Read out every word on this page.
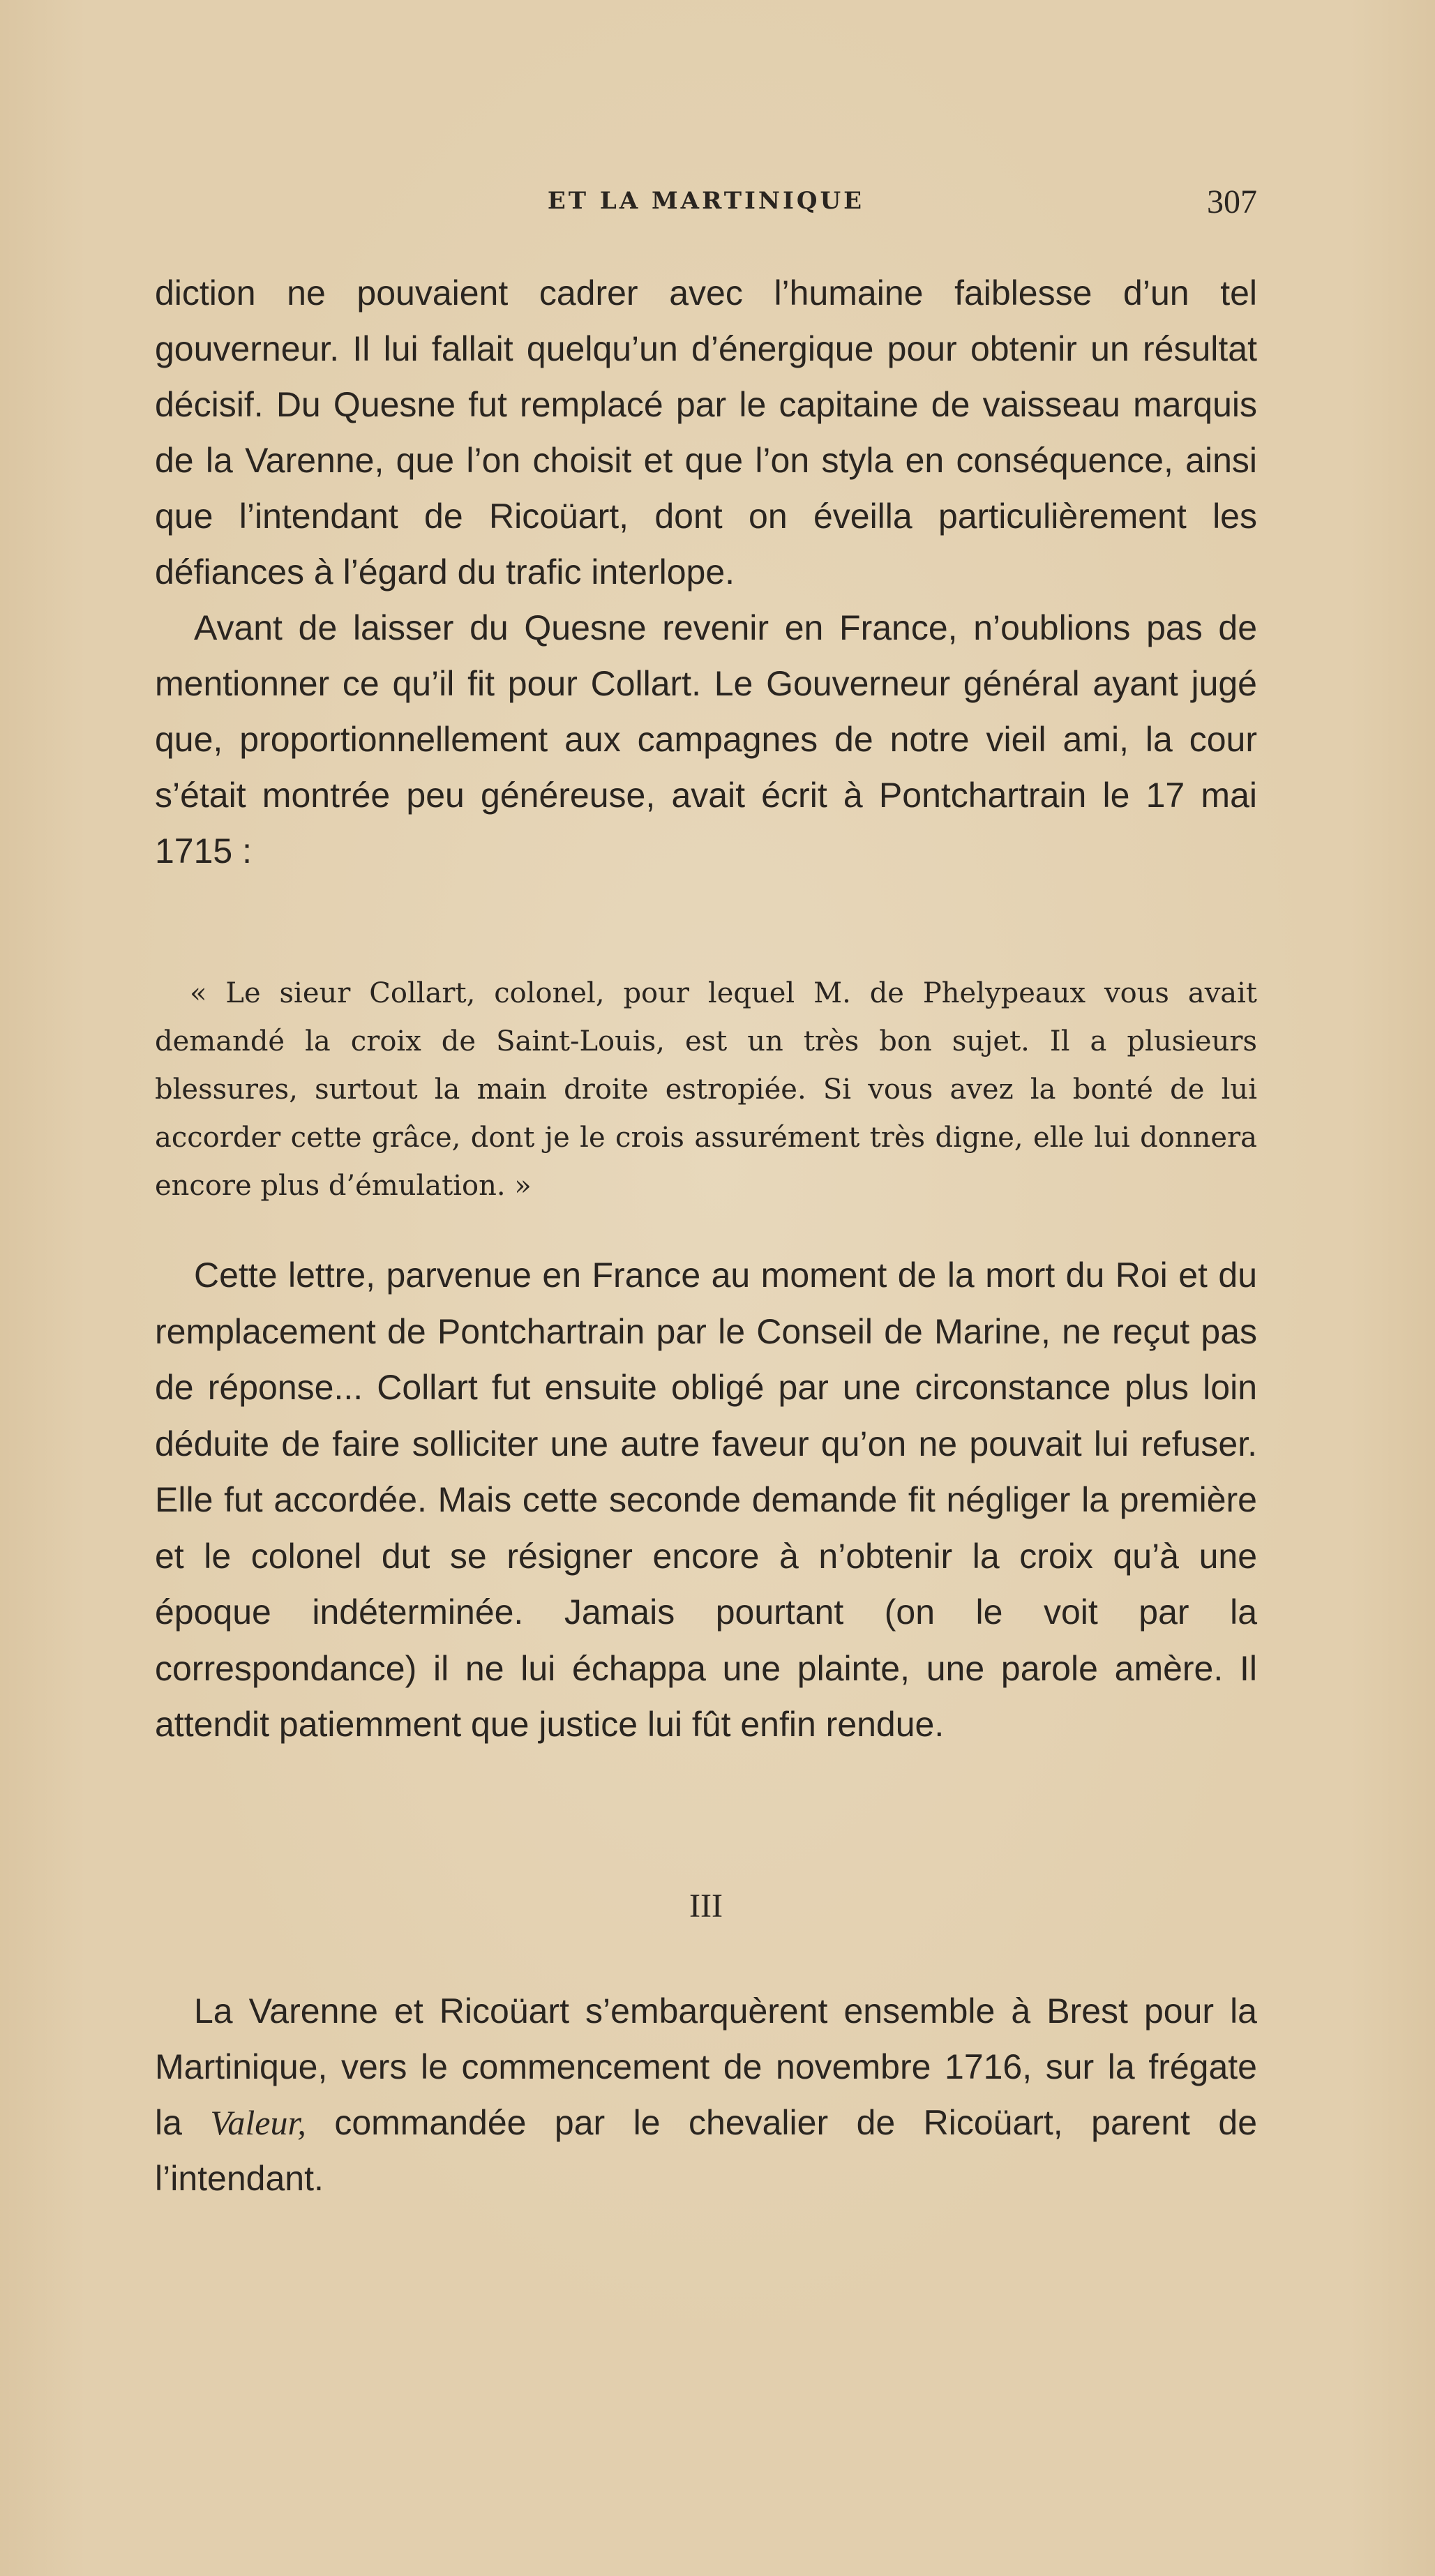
ET LA MARTINIQUE	307

diction ne pouvaient cadrer avec l’humaine faiblesse d’un tel gouverneur. Il lui fallait quelqu’un d’énergique pour obtenir un résultat décisif. Du Quesne fut remplacé par le capitaine de vaisseau marquis de la Varenne, que l’on choisit et que l’on styla en conséquence, ainsi que l’intendant de Ricoüart, dont on éveilla particulièrement les défiances à l’égard du trafic interlope.

Avant de laisser du Quesne revenir en France, n’oublions pas de mentionner ce qu’il fit pour Collart. Le Gouverneur général ayant jugé que, proportionnellement aux campagnes de notre vieil ami, la cour s’était montrée peu généreuse, avait écrit à Pontchartrain le 17 mai 1715 :

« Le sieur Collart, colonel, pour lequel M. de Phelypeaux vous avait demandé la croix de Saint-Louis, est un très bon sujet. Il a plusieurs blessures, surtout la main droite estropiée. Si vous avez la bonté de lui accorder cette grâce, dont je le crois assurément très digne, elle lui donnera encore plus d’émulation. »

Cette lettre, parvenue en France au moment de la mort du Roi et du remplacement de Pontchartrain par le Conseil de Marine, ne reçut pas de réponse... Collart fut ensuite obligé par une circonstance plus loin déduite de faire solliciter une autre faveur qu’on ne pouvait lui refuser. Elle fut accordée. Mais cette seconde demande fit négliger la première et le colonel dut se résigner encore à n’obtenir la croix qu’à une époque indéterminée. Jamais pourtant (on le voit par la correspondance) il ne lui échappa une plainte, une parole amère. Il attendit patiemment que justice lui fût enfin rendue.

III

La Varenne et Ricoüart s’embarquèrent ensemble à Brest pour la Martinique, vers le commencement de novembre 1716, sur la frégate la Valeur, commandée par le chevalier de Ricoüart, parent de l’intendant.
